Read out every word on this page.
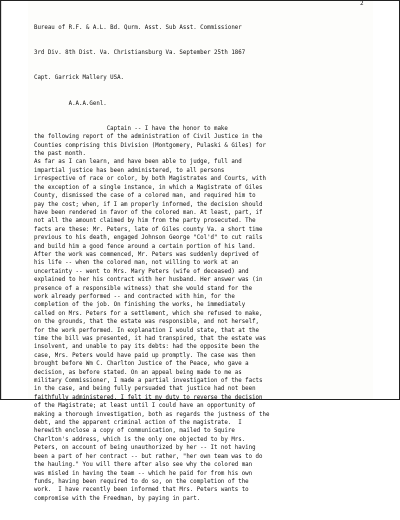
2

Bureau of R.F. & A.L. Bd. Qurm. Asst. Sub Asst. Commissioner

3rd Div. 8th Dist. Va. Christiansburg Va. September 25th 1867

Capt. Garrick Mallery USA.

A.A.A.Genl.

Captain -- I have the honor to make
the following report of the administration of Civil Justice in the
Counties comprising this Division (Montgomery, Pulaski & Giles) for
the past month.
As far as I can learn, and have been able to judge, full and
impartial justice has been administered, to all persons
irrespective of race or color, by both Magistrates and Courts, with
the exception of a single instance, in which a Magistrate of Giles
County, dismissed the case of a colored man, and required him to
pay the cost; when, if I am properly informed, the decision should
have been rendered in favor of the colored man. At least, part, if
not all the amount claimed by him from the party prosecuted. The
facts are these: Mr. Peters, late of Giles county Va. a short time
previous to his death, engaged Johnson George "Col'd" to cut rails
and build him a good fence around a certain portion of his land.
After the work was commenced, Mr. Peters was suddenly deprived of
his life -- when the colored man, not willing to work at an
uncertainty -- went to Mrs. Mary Peters (wife of deceased) and
explained to her his contract with her husband. Her answer was (in
presence of a responsible witness) that she would stand for the
work already performed -- and contracted with him, for the
completion of the job. On finishing the works, he immediately
called on Mrs. Peters for a settlement, which she refused to make,
on the grounds, that the estate was responsible, and not herself,
for the work performed. In explanation I would state, that at the
time the bill was presented, it had transpired, that the estate was
insolvent, and unable to pay its debts: had the opposite been the
case, Mrs. Peters would have paid up promptly. The case was then
brought before Wm C. Charlton Justice of the Peace, who gave a
decision, as before stated. On an appeal being made to me as
military Commissioner, I made a partial investigation of the facts
in the case, and being fully persuaded that justice had not been
faithfully administered, I felt it my duty to reverse the decision
of the Magistrate; at least until I could have an opportunity of
making a thorough investigation, both as regards the justness of the
debt, and the apparent criminal action of the magistrate.  I
herewith enclose a copy of communication, mailed to Squire
Charlton's address, which is the only one objected to by Mrs.
Peters, on account of being unauthorized by her -- It not having
been a part of her contract -- but rather, "her own team was to do
the hauling." You will there after also see why the colored man
was misled in having the team -- which he paid for from his own
funds, having been required to do so, on the completion of the
work.  I have recently been informed that Mrs. Peters wants to
compromise with the Freedman, by paying in part.
